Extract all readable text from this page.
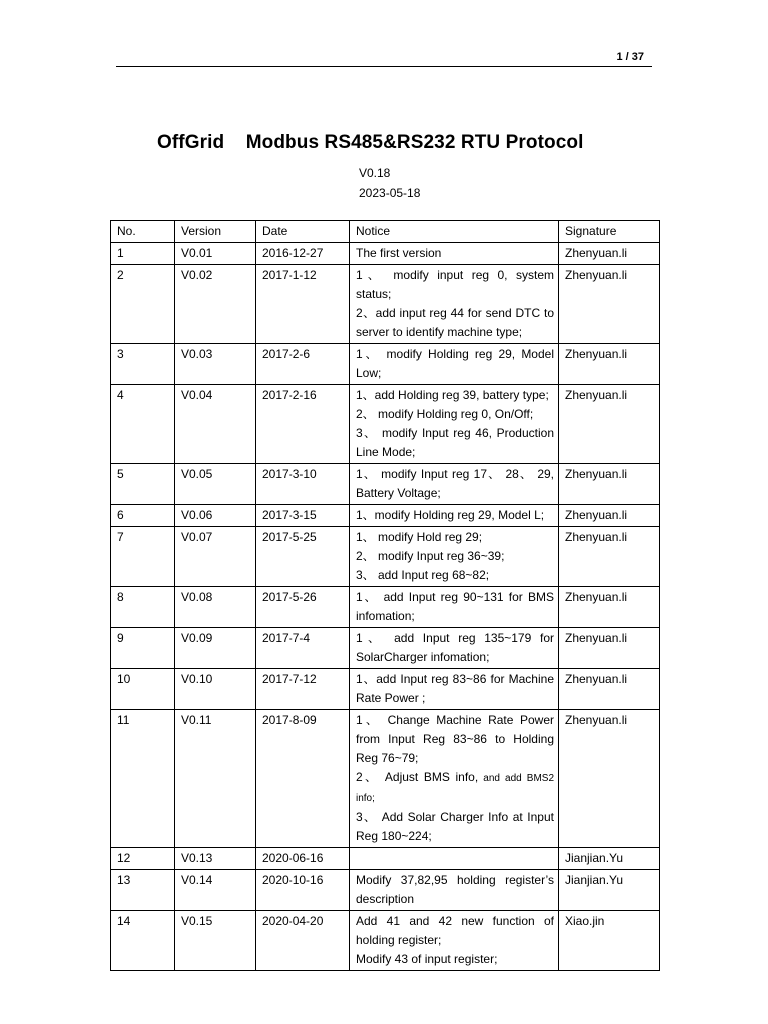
1 / 37
OffGrid    Modbus RS485&RS232 RTU Protocol
V0.18
2023-05-18
No.	Version	Date	Notice	Signature
1	V0.01	2016-12-27	The first version	Zhenyuan.li
2	V0.02	2017-1-12	1、 modify input reg 0, system status;
2、add input reg 44 for send DTC to server to identify machine type;	Zhenyuan.li
3	V0.03	2017-2-6	1、 modify Holding reg 29, Model Low;	Zhenyuan.li
4	V0.04	2017-2-16	1、add Holding reg 39, battery type;
2、 modify Holding reg 0, On/Off;
3、 modify Input reg 46, Production Line Mode;	Zhenyuan.li
5	V0.05	2017-3-10	1、 modify Input reg 17、 28、 29, Battery Voltage;	Zhenyuan.li
6	V0.06	2017-3-15	1、modify Holding reg 29, Model L;	Zhenyuan.li
7	V0.07	2017-5-25	1、 modify Hold reg 29;
2、 modify Input reg 36~39;
3、 add Input reg 68~82;	Zhenyuan.li
8	V0.08	2017-5-26	1、 add Input reg 90~131 for BMS infomation;	Zhenyuan.li
9	V0.09	2017-7-4	1、 add Input reg 135~179 for SolarCharger infomation;	Zhenyuan.li
10	V0.10	2017-7-12	1、add Input reg 83~86 for Machine Rate Power ;	Zhenyuan.li
11	V0.11	2017-8-09	1、 Change Machine Rate Power from Input Reg 83~86 to Holding Reg 76~79;
2、 Adjust BMS info, and add BMS2 info;
3、 Add Solar Charger Info at Input Reg 180~224;	Zhenyuan.li
12	V0.13	2020-06-16		Jianjian.Yu
13	V0.14	2020-10-16	Modify 37,82,95 holding register’s description	Jianjian.Yu
14	V0.15	2020-04-20	Add 41 and 42 new function of holding register;
Modify 43 of input register;	Xiao.jin
